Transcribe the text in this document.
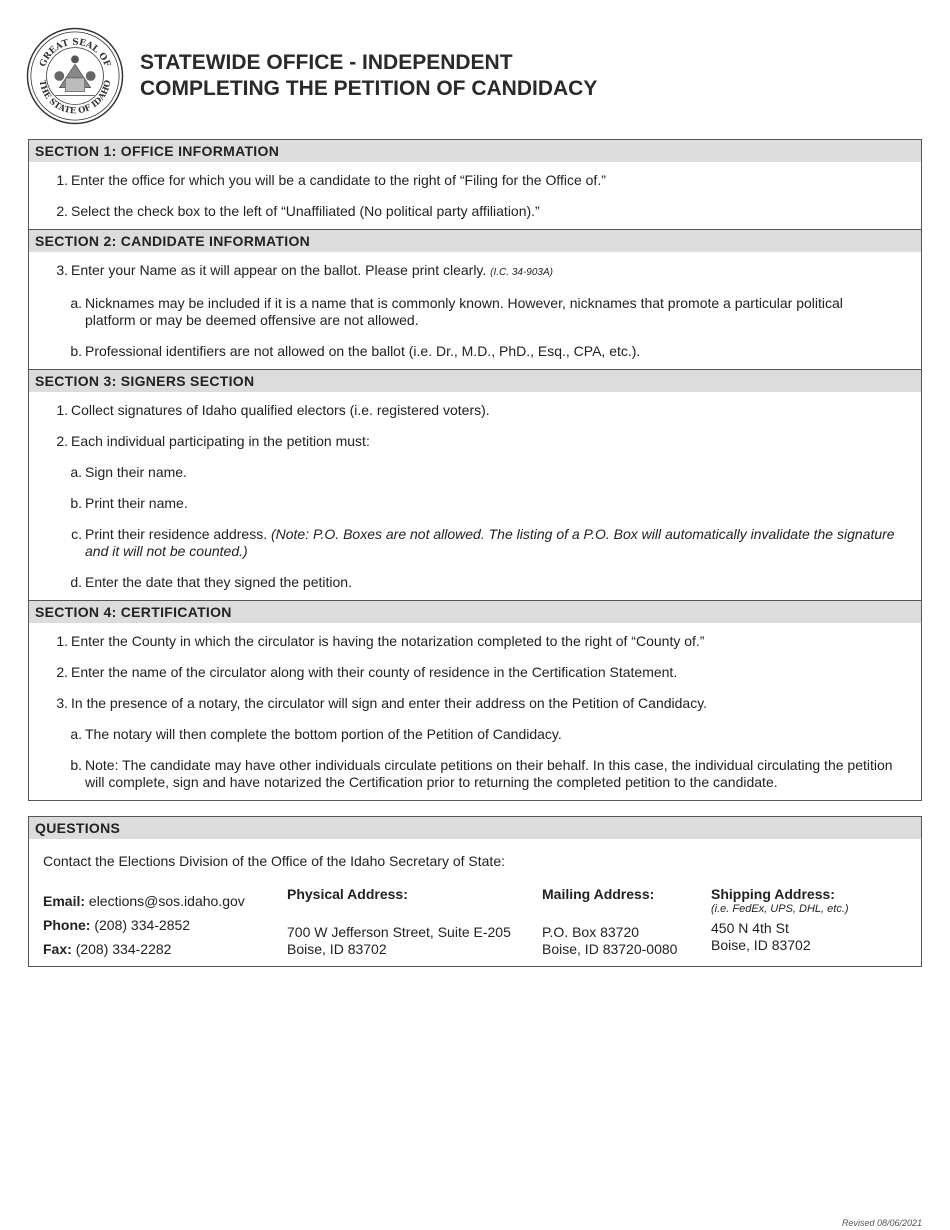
GREAT SEAL OF
THE STATE OF IDAHO
STATEWIDE OFFICE - INDEPENDENT
COMPLETING THE PETITION OF CANDIDACY
SECTION 1: OFFICE INFORMATION
1. Enter the office for which you will be a candidate to the right of “Filing for the Office of.”
2. Select the check box to the left of “Unaffiliated (No political party affiliation).”
SECTION 2: CANDIDATE INFORMATION
3. Enter your Name as it will appear on the ballot. Please print clearly. (I.C. 34-903A)
a. Nicknames may be included if it is a name that is commonly known. However, nicknames that promote a particular political platform or may be deemed offensive are not allowed.
b. Professional identifiers are not allowed on the ballot (i.e. Dr., M.D., PhD., Esq., CPA, etc.).
SECTION 3: SIGNERS SECTION
1. Collect signatures of Idaho qualified electors (i.e. registered voters).
2. Each individual participating in the petition must:
a. Sign their name.
b. Print their name.
c. Print their residence address. (Note: P.O. Boxes are not allowed. The listing of a P.O. Box will automatically invalidate the signature and it will not be counted.)
d. Enter the date that they signed the petition.
SECTION 4: CERTIFICATION
1. Enter the County in which the circulator is having the notarization completed to the right of “County of.”
2. Enter the name of the circulator along with their county of residence in the Certification Statement.
3. In the presence of a notary, the circulator will sign and enter their address on the Petition of Candidacy.
a. The notary will then complete the bottom portion of the Petition of Candidacy.
b. Note: The candidate may have other individuals circulate petitions on their behalf. In this case, the individual circulating the petition will complete, sign and have notarized the Certification prior to returning the completed petition to the candidate.
QUESTIONS
Contact the Elections Division of the Office of the Idaho Secretary of State:
Email: elections@sos.idaho.gov
Phone: (208) 334-2852
Fax: (208) 334-2282
Physical Address:
700 W Jefferson Street, Suite E-205
Boise, ID 83702
Mailing Address:
P.O. Box 83720
Boise, ID 83720-0080
Shipping Address:
(i.e. FedEx, UPS, DHL, etc.)
450 N 4th St
Boise, ID 83702
Revised 08/06/2021
